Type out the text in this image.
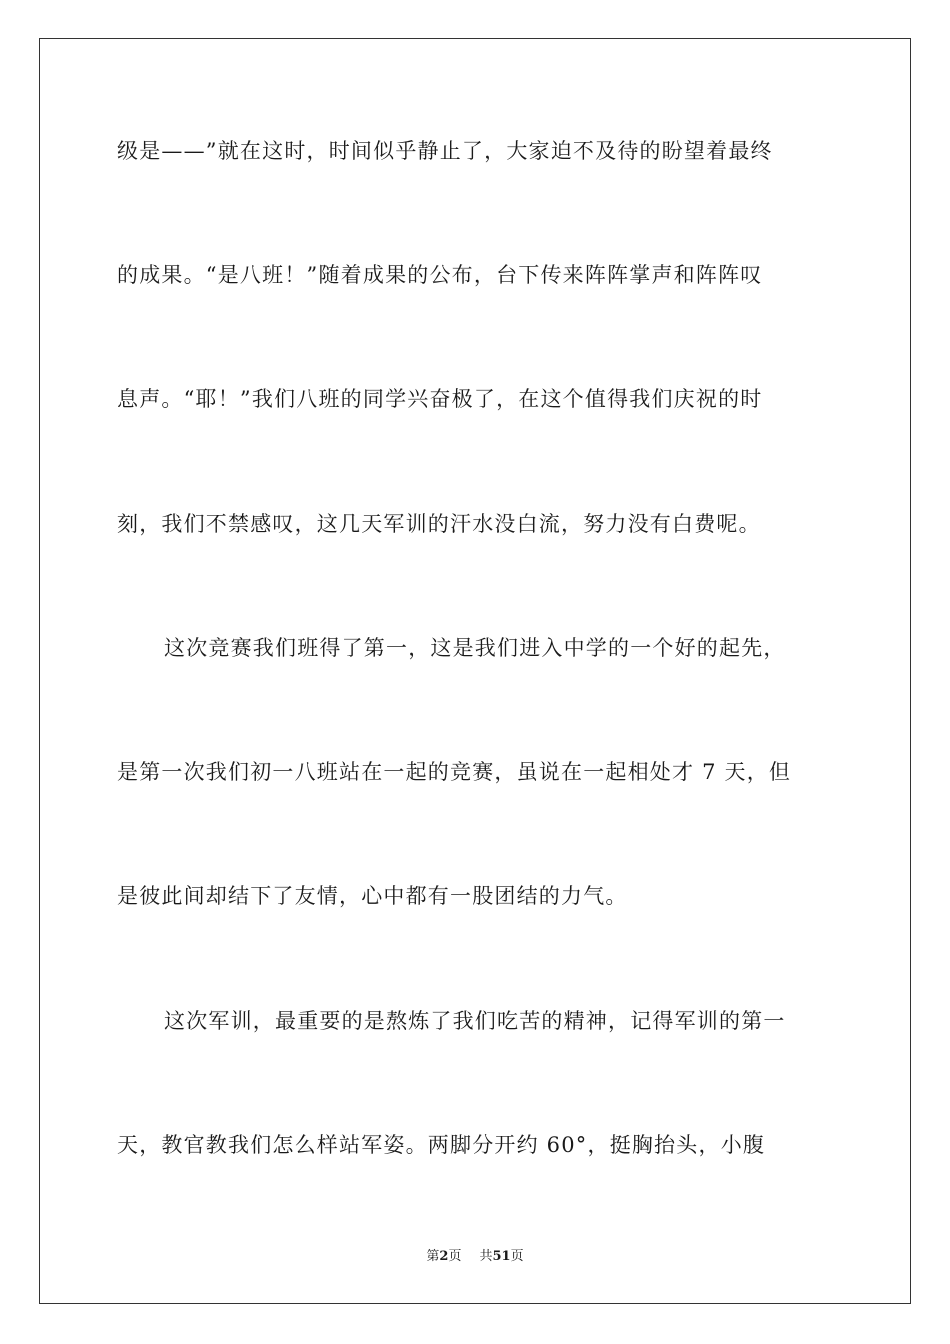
级是——”就在这时，时间似乎静止了，大家迫不及待的盼望着最终
的成果。“是八班！”随着成果的公布，台下传来阵阵掌声和阵阵叹
息声。“耶！”我们八班的同学兴奋极了，在这个值得我们庆祝的时
刻，我们不禁感叹，这几天军训的汗水没白流，努力没有白费呢。
这次竞赛我们班得了第一，这是我们进入中学的一个好的起先，
是第一次我们初一八班站在一起的竞赛，虽说在一起相处才 7 天，但
是彼此间却结下了友情，心中都有一股团结的力气。
这次军训，最重要的是熬炼了我们吃苦的精神，记得军训的第一
天，教官教我们怎么样站军姿。两脚分开约 60°，挺胸抬头，小腹
第2页 共51页
